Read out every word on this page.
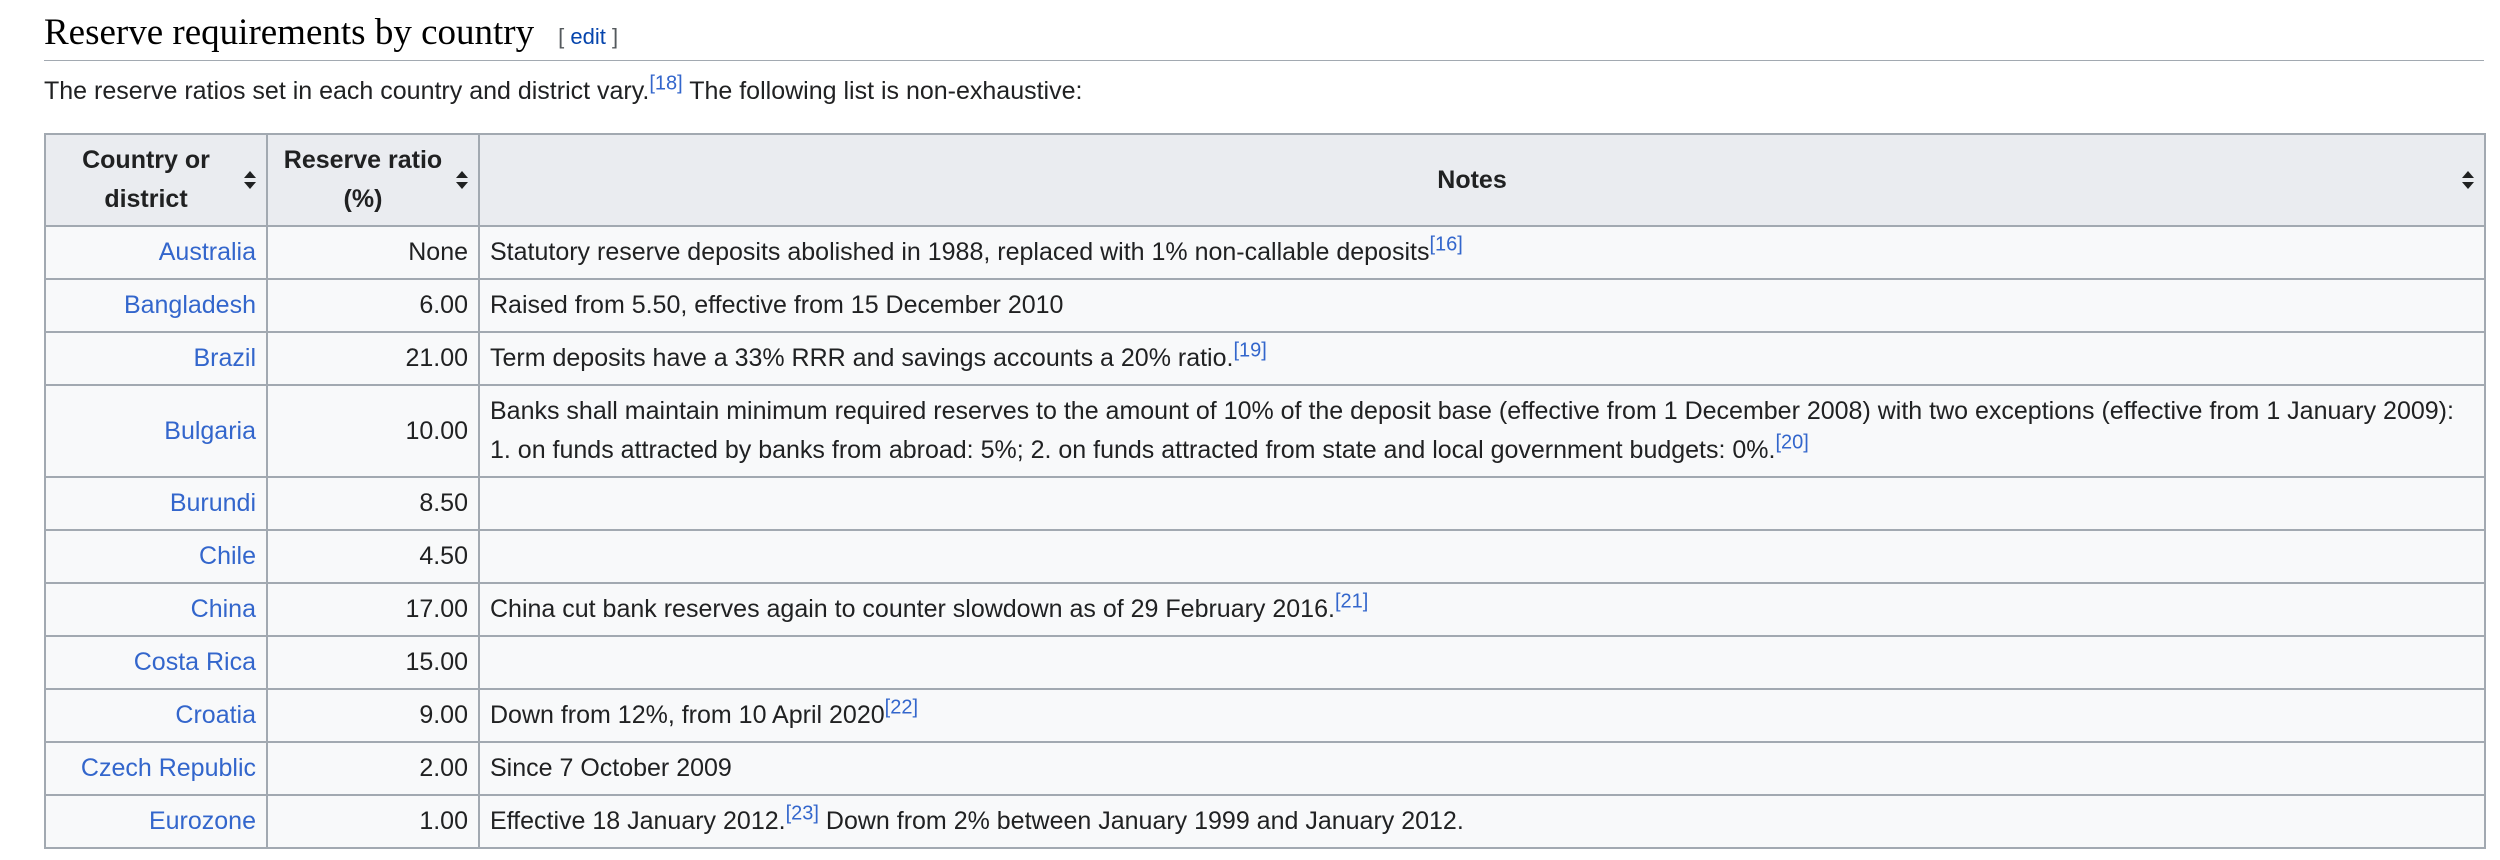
Reserve requirements by country [ edit ]
The reserve ratios set in each country and district vary.[18] The following list is non-exhaustive:
Country or district	Reserve ratio (%)	Notes

Australia	None	Statutory reserve deposits abolished in 1988, replaced with 1% non-callable deposits[16]
Bangladesh	6.00	Raised from 5.50, effective from 15 December 2010
Brazil	21.00	Term deposits have a 33% RRR and savings accounts a 20% ratio.[19]
Bulgaria	10.00	Banks shall maintain minimum required reserves to the amount of 10% of the deposit base (effective from 1 December 2008) with two exceptions (effective from 1 January 2009): 1. on funds attracted by banks from abroad: 5%; 2. on funds attracted from state and local government budgets: 0%.[20]
Burundi	8.50	
Chile	4.50	
China	17.00	China cut bank reserves again to counter slowdown as of 29 February 2016.[21]
Costa Rica	15.00	
Croatia	9.00	Down from 12%, from 10 April 2020[22]
Czech Republic	2.00	Since 7 October 2009
Eurozone	1.00	Effective 18 January 2012.[23] Down from 2% between January 1999 and January 2012.
